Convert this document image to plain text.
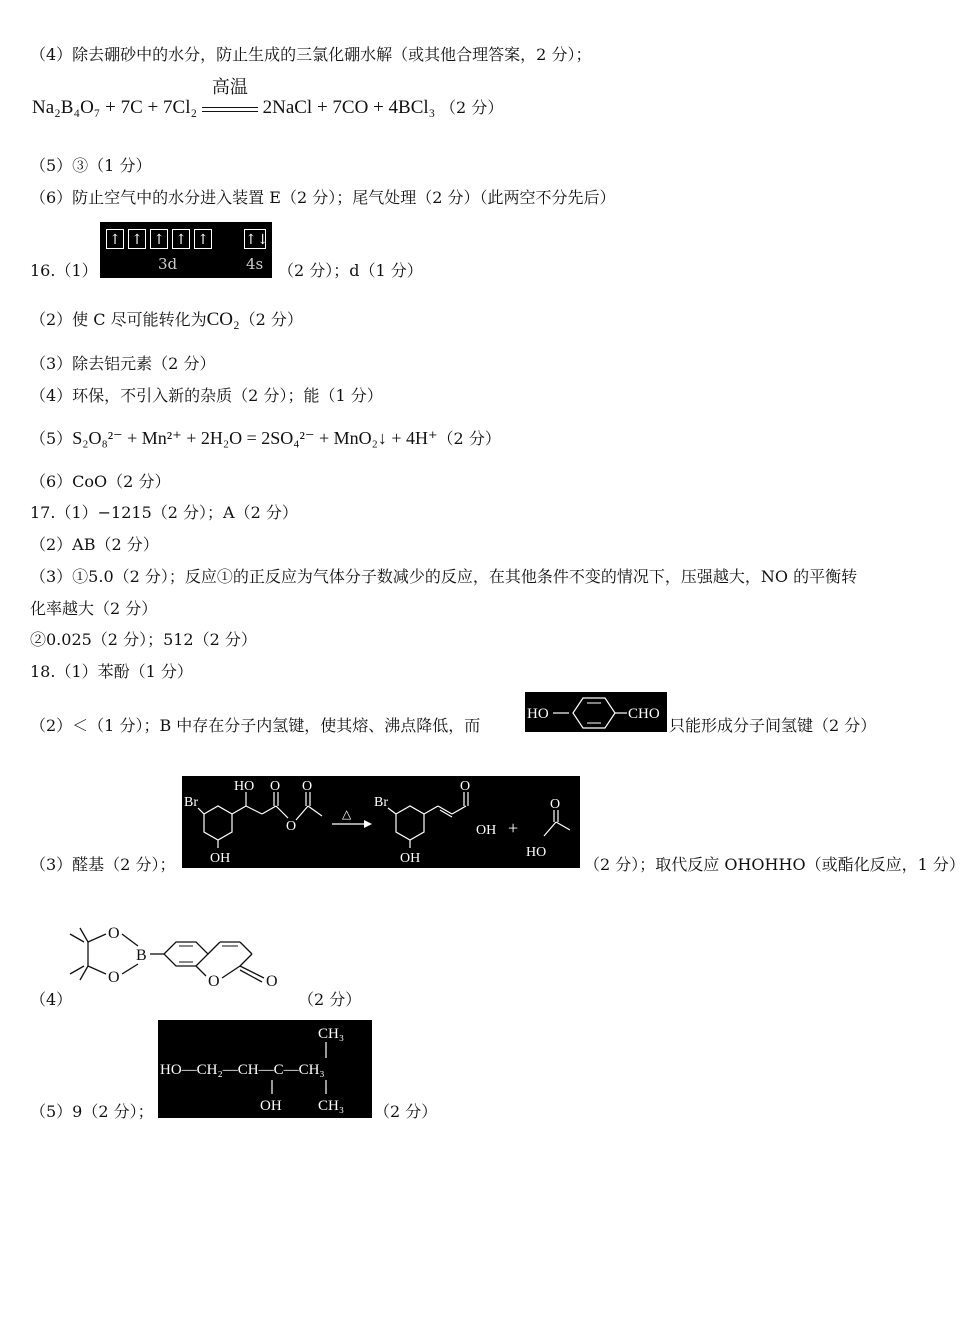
（4）除去硼砂中的水分，防止生成的三氯化硼水解（或其他合理答案，2 分）；
Na₂B₄O₇ + 7C + 7Cl₂
高温
2NaCl + 7CO + 4BCl₃ （2 分）
（5）③（1 分）
（6）防止空气中的水分进入装置 E（2 分）；尾气处理（2 分）（此两空不分先后）
16.（1）
↑ ↑ ↑ ↑ ↑	↑↓
3d	4s （2 分）；d（1 分）
（2）使 C 尽可能转化为CO₂（2 分）
（3）除去铝元素（2 分）
（4）环保，不引入新的杂质（2 分）；能（1 分）
（5）S₂O₈²⁻ + Mn²⁺ + 2H₂O = 2SO₄²⁻ + MnO₂↓ + 4H⁺（2 分）
（6）CoO（2 分）
17.（1）−1215（2 分）；A（2 分）
（2）AB（2 分）
（3）①5.0（2 分）；反应①的正反应为气体分子数减少的反应，在其他条件不变的情况下，压强越大，NO 的平衡转化率越大（2 分）
②0.025（2 分）；512（2 分）
18.（1）苯酚（1 分）
（2）＜（1 分）；B 中存在分子内氢键，使其熔、沸点降低，而
HO	CHO
只能形成分子间氢键（2 分）
（3）醛基（2 分）；
Br
HO O
O
O
OH
△
Br
O
OH
OH
+
O
HO
（2 分）；取代反应 OHOHHO（或酯化反应，1 分）
（4）
O
O
B
O	O
（2 分）
（5）9（2 分）；
CH₃
HO—CH₂—CH—C—CH₃
OH CH₃ （2 分）
